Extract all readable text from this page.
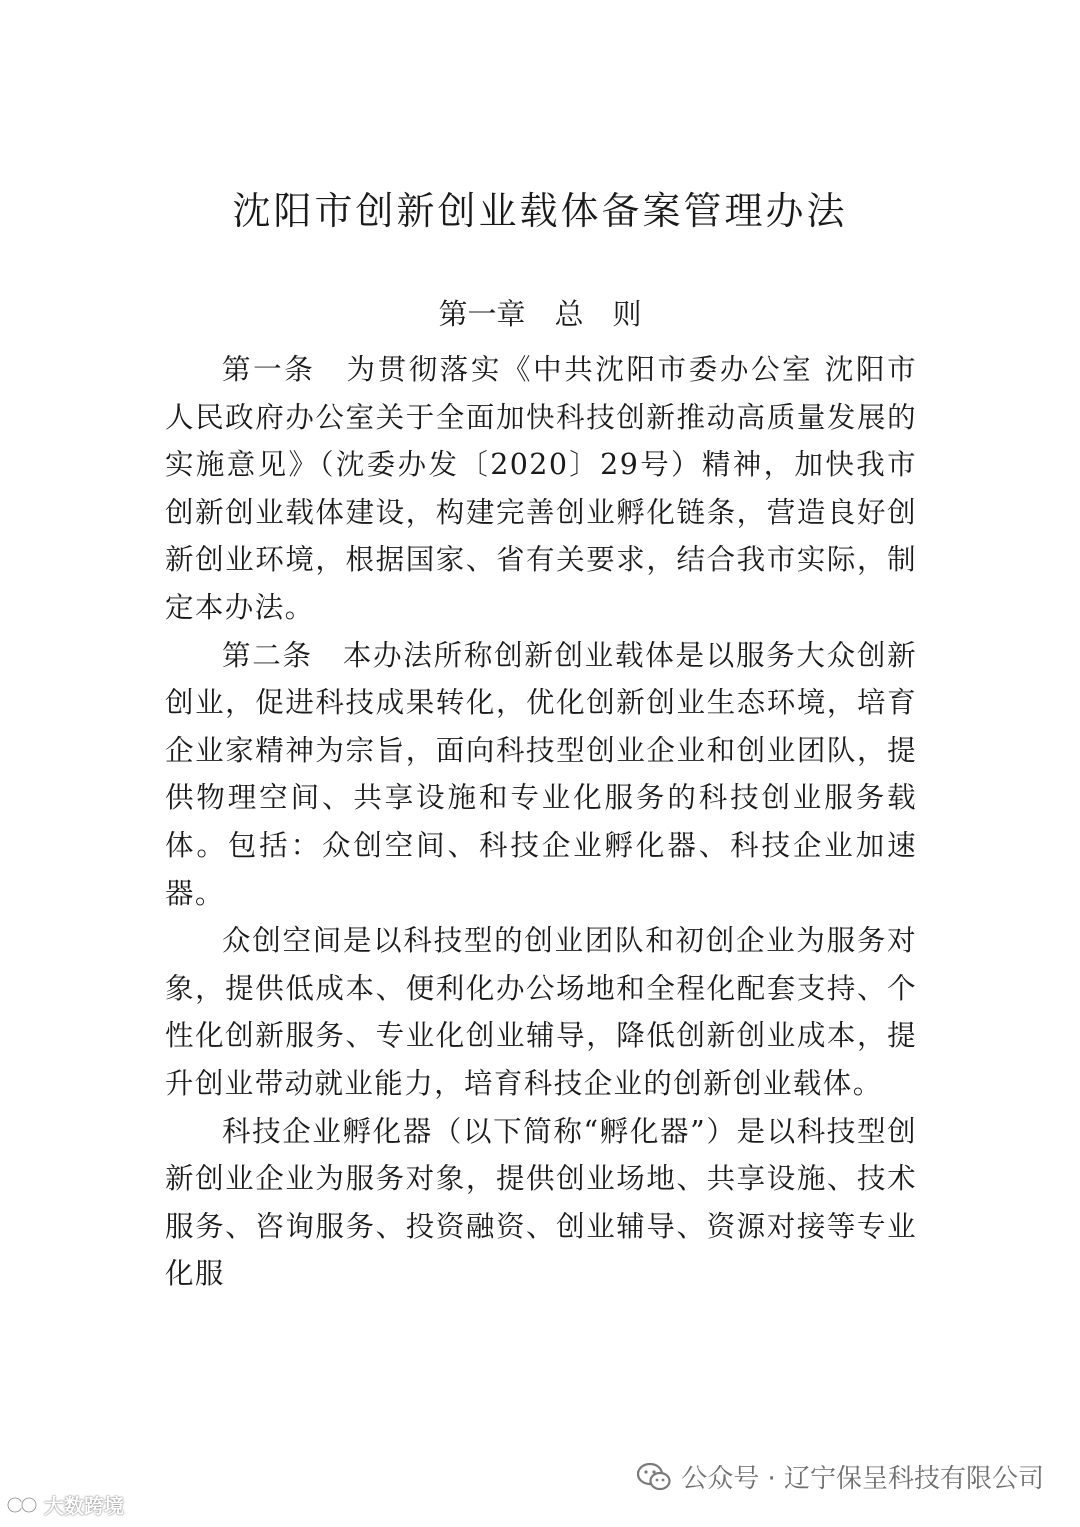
沈阳市创新创业载体备案管理办法
第一章　总　则

第一条　为贯彻落实《中共沈阳市委办公室 沈阳市人民政府办公室关于全面加快科技创新推动高质量发展的实施意见》（沈委办发〔2020〕29号）精神，加快我市创新创业载体建设，构建完善创业孵化链条，营造良好创新创业环境，根据国家、省有关要求，结合我市实际，制定本办法。

第二条　本办法所称创新创业载体是以服务大众创新创业，促进科技成果转化，优化创新创业生态环境，培育企业家精神为宗旨，面向科技型创业企业和创业团队，提供物理空间、共享设施和专业化服务的科技创业服务载体。包括：众创空间、科技企业孵化器、科技企业加速器。

众创空间是以科技型的创业团队和初创企业为服务对象，提供低成本、便利化办公场地和全程化配套支持、个性化创新服务、专业化创业辅导，降低创新创业成本，提升创业带动就业能力，培育科技企业的创新创业载体。

科技企业孵化器（以下简称“孵化器”）是以科技型创新创业企业为服务对象，提供创业场地、共享设施、技术服务、咨询服务、投资融资、创业辅导、资源对接等专业化服

公众号 · 辽宁保呈科技有限公司
大数跨境
